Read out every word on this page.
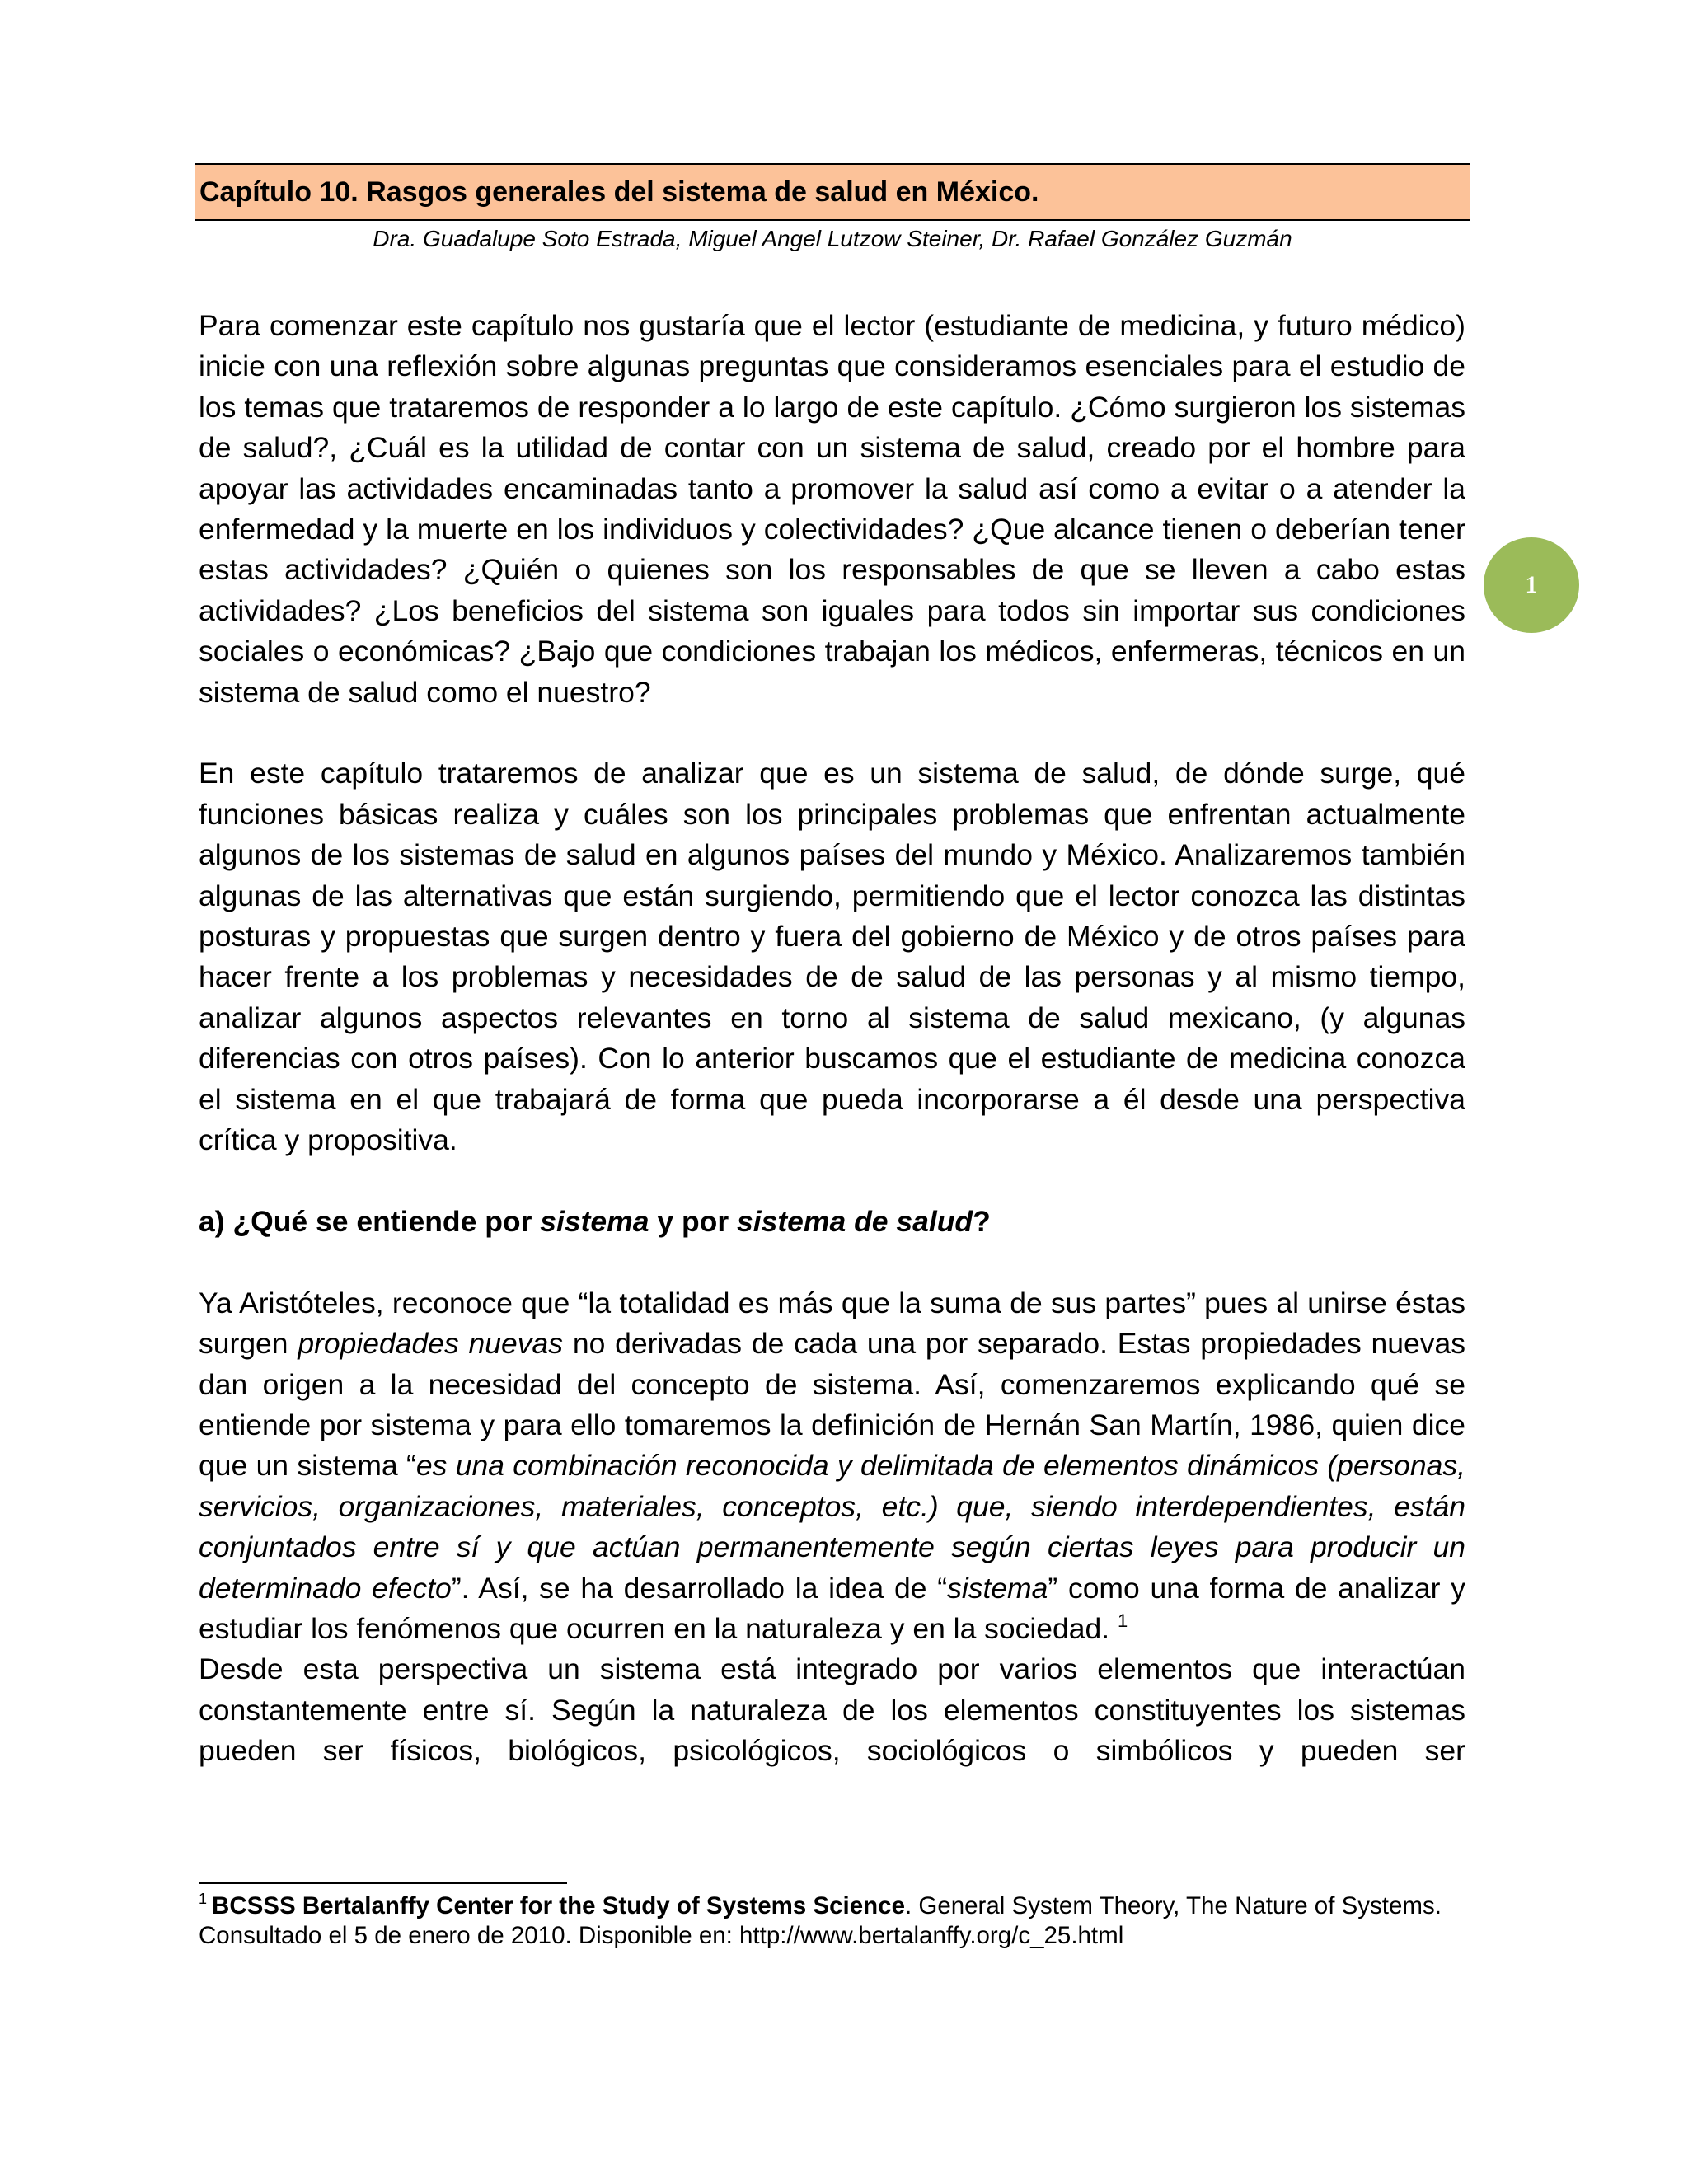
Capítulo 10. Rasgos generales del sistema de salud en México.
Dra. Guadalupe Soto Estrada, Miguel Angel Lutzow Steiner, Dr. Rafael González Guzmán
1

Para comenzar este capítulo nos gustaría que el lector (estudiante de medicina, y futuro médico) inicie con una reflexión sobre algunas preguntas que consideramos esenciales para el estudio de los temas que trataremos de responder a lo largo de este capítulo. ¿Cómo surgieron los sistemas de salud?, ¿Cuál es la utilidad de contar con un sistema de salud, creado por el hombre para apoyar las actividades encaminadas tanto a promover la salud así como a evitar o a atender la enfermedad y la muerte en los individuos y colectividades? ¿Que alcance tienen o deberían tener estas actividades? ¿Quién o quienes son los responsables de que se lleven a cabo estas actividades? ¿Los beneficios del sistema son iguales para todos sin importar sus condiciones sociales o económicas? ¿Bajo que condiciones trabajan los médicos, enfermeras, técnicos en un sistema de salud como el nuestro?

En este capítulo trataremos de analizar que es un sistema de salud, de dónde surge, qué funciones básicas realiza y cuáles son los principales problemas que enfrentan actualmente algunos de los sistemas de salud en algunos países del mundo y México. Analizaremos también algunas de las alternativas que están surgiendo, permitiendo que el lector conozca las distintas posturas y propuestas que surgen dentro y fuera del gobierno de México y de otros países para hacer frente a los problemas y necesidades de de salud de las personas y al mismo tiempo, analizar algunos aspectos relevantes en torno al sistema de salud mexicano, (y algunas diferencias con otros países). Con lo anterior buscamos que el estudiante de medicina conozca el sistema en el que trabajará de forma que pueda incorporarse a él desde una perspectiva crítica y propositiva.

a) ¿Qué se entiende por sistema y por sistema de salud?

Ya Aristóteles, reconoce que “la totalidad es más que la suma de sus partes” pues al unirse éstas surgen propiedades nuevas no derivadas de cada una por separado. Estas propiedades nuevas dan origen a la necesidad del concepto de sistema. Así, comenzaremos explicando qué se entiende por sistema y para ello tomaremos la definición de Hernán San Martín, 1986, quien dice que un sistema “es una combinación reconocida y delimitada de elementos dinámicos (personas, servicios, organizaciones, materiales, conceptos, etc.) que, siendo interdependientes, están conjuntados entre sí y que actúan permanentemente según ciertas leyes para producir un determinado efecto”. Así, se ha desarrollado la idea de “sistema” como una forma de analizar y estudiar los fenómenos que ocurren en la naturaleza y en la sociedad. $^1$

Desde esta perspectiva un sistema está integrado por varios elementos que interactúan constantemente entre sí. Según la naturaleza de los elementos constituyentes los sistemas pueden ser físicos, biológicos, psicológicos, sociológicos o simbólicos y pueden ser

$^1$ BCSSS Bertalanffy Center for the Study of Systems Science. General System Theory, The Nature of Systems. Consultado el 5 de enero de 2010. Disponible en: http://www.bertalanffy.org/c_25.html
